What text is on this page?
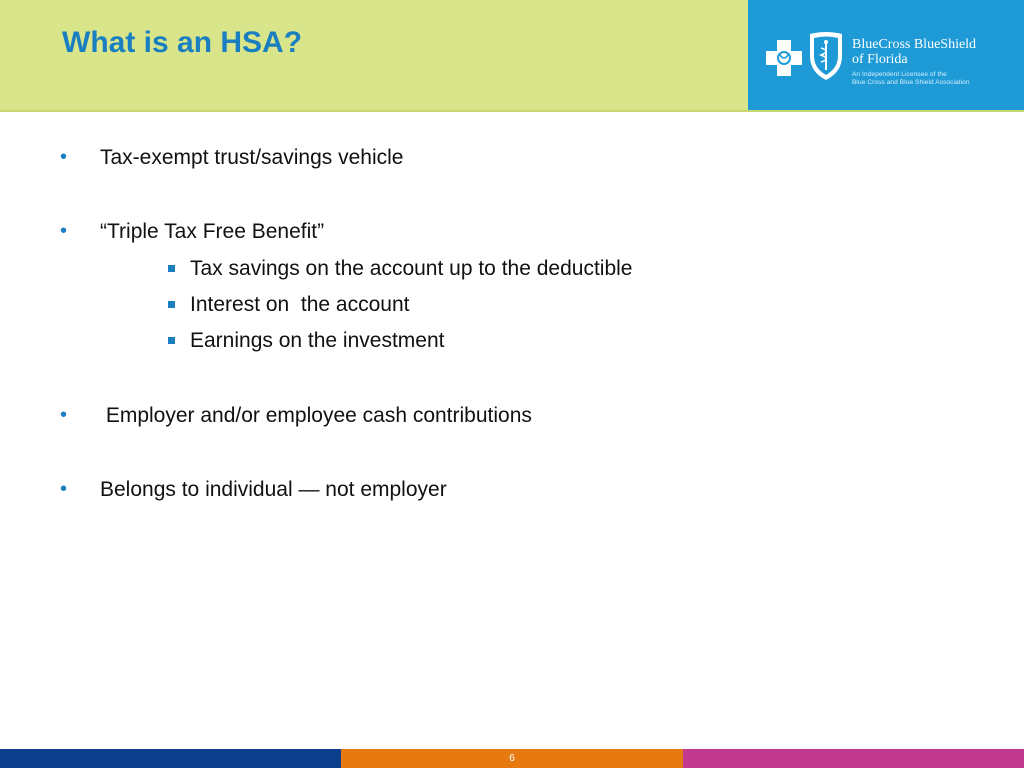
What is an HSA?	BlueCross BlueShield
of Florida
An Independent Licensee of the
Blue Cross and Blue Shield Association
• Tax-exempt trust/savings vehicle
• “Triple Tax Free Benefit”
Tax savings on the account up to the deductible
Interest on  the account
Earnings on the investment
• Employer and/or employee cash contributions
• Belongs to individual — not employer
6
